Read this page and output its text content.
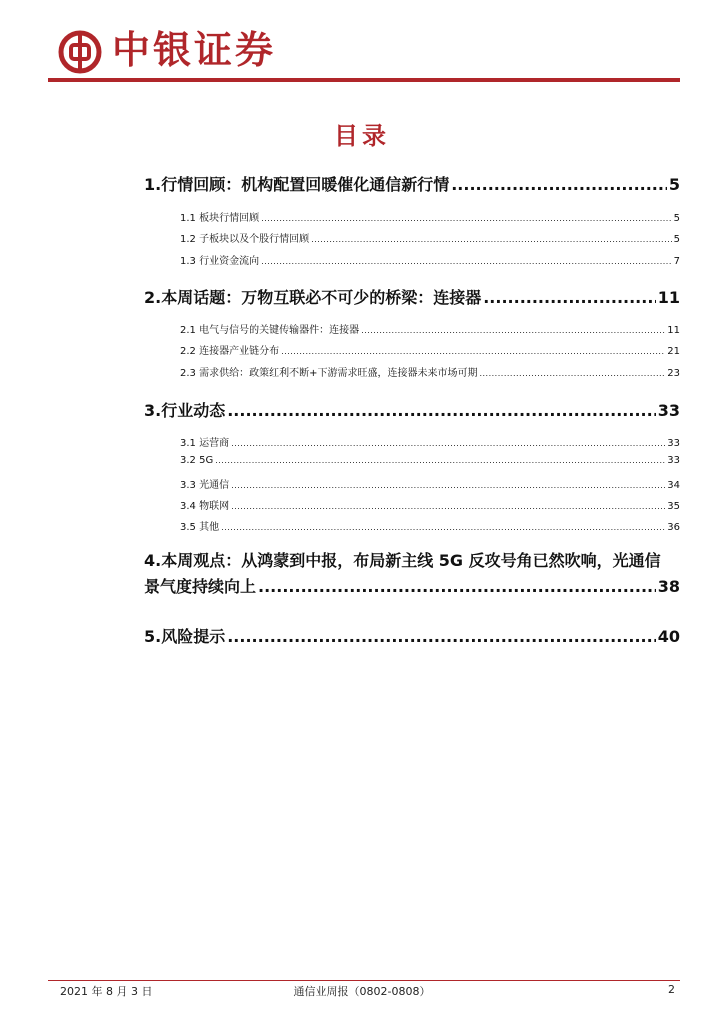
中银证券
目录
1.行情回顾：机构配置回暖催化通信新行情 .....	5
1.1 板块行情回顾 .....	5
1.2 子板块以及个股行情回顾 .....	5
1.3 行业资金流向 .....	7
2.本周话题：万物互联必不可少的桥梁：连接器 .....	11
2.1 电气与信号的关键传输器件：连接器 .....	11
2.2 连接器产业链分布 .....	21
2.3 需求供给：政策红利不断+下游需求旺盛，连接器未来市场可期 .....	23
3.行业动态 .....	33
3.1 运营商 .....	33
3.2 5G .....	33
3.3 光通信 .....	34
3.4 物联网 .....	35
3.5 其他 .....	36
4.本周观点：从鸿蒙到中报，布局新主线 5G 反攻号角已然吹响，光通信
景气度持续向上 .....	38
5.风险提示 .....	40
2021 年 8 月 3 日	通信业周报（0802-0808）	2
